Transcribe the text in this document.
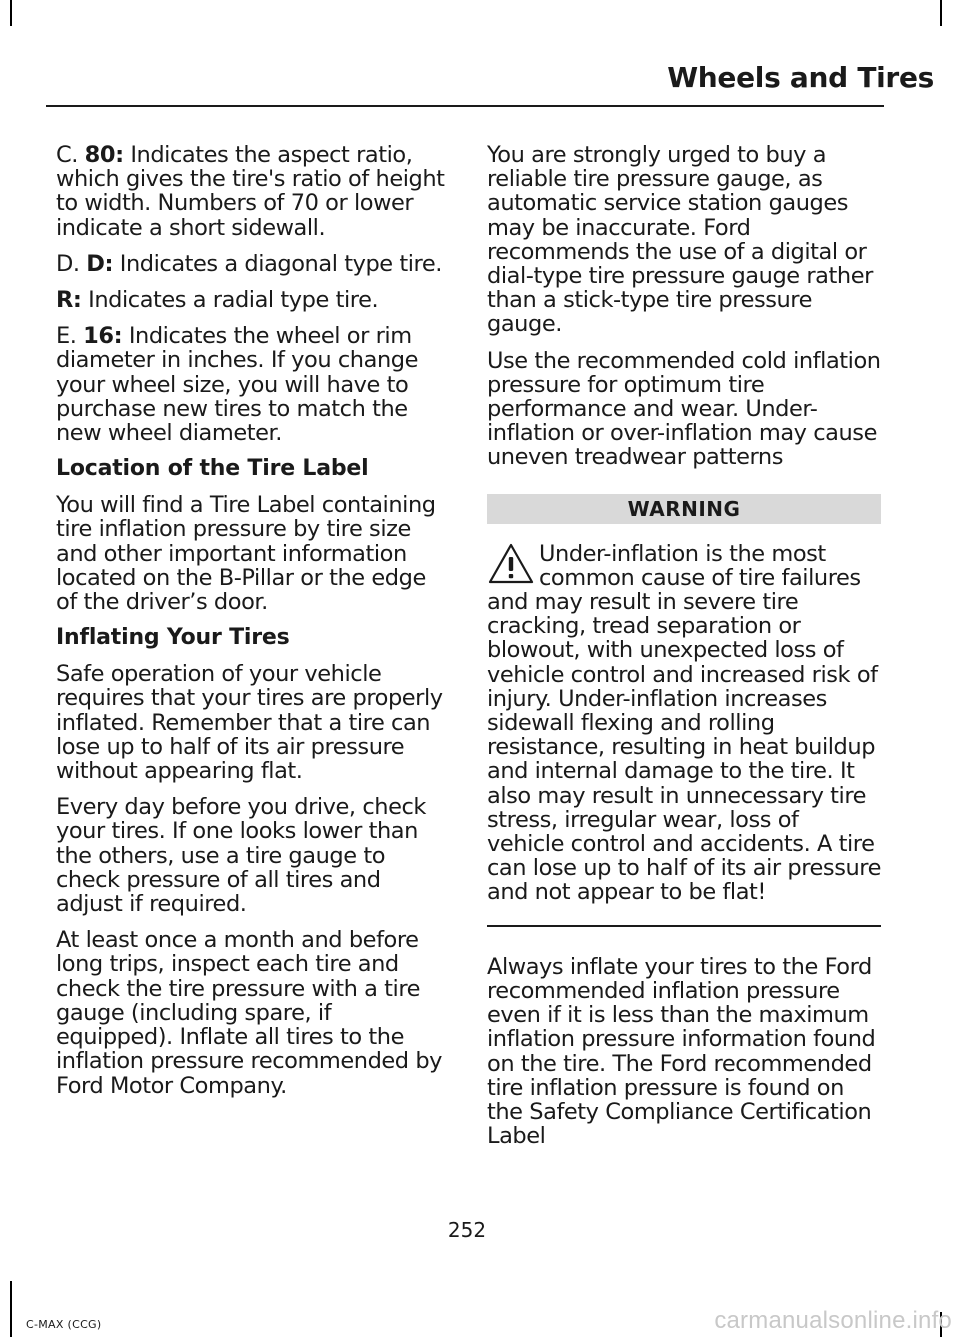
Wheels and Tires

C. 80: Indicates the aspect ratio, which gives the tire's ratio of height to width. Numbers of 70 or lower indicate a short sidewall.

D. D: Indicates a diagonal type tire.

R: Indicates a radial type tire.

E. 16: Indicates the wheel or rim diameter in inches. If you change your wheel size, you will have to purchase new tires to match the new wheel diameter.

Location of the Tire Label

You will find a Tire Label containing tire inflation pressure by tire size and other important information located on the B-Pillar or the edge of the driver’s door.

Inflating Your Tires

Safe operation of your vehicle requires that your tires are properly inflated. Remember that a tire can lose up to half of its air pressure without appearing flat.

Every day before you drive, check your tires. If one looks lower than the others, use a tire gauge to check pressure of all tires and adjust if required.

At least once a month and before long trips, inspect each tire and check the tire pressure with a tire gauge (including spare, if equipped). Inflate all tires to the inflation pressure recommended by Ford Motor Company.

You are strongly urged to buy a reliable tire pressure gauge, as automatic service station gauges may be inaccurate. Ford recommends the use of a digital or dial-type tire pressure gauge rather than a stick-type tire pressure gauge.

Use the recommended cold inflation pressure for optimum tire performance and wear. Under-inflation or over-inflation may cause uneven treadwear patterns

WARNING

Under-inflation is the most common cause of tire failures and may result in severe tire cracking, tread separation or blowout, with unexpected loss of vehicle control and increased risk of injury. Under-inflation increases sidewall flexing and rolling resistance, resulting in heat buildup and internal damage to the tire. It also may result in unnecessary tire stress, irregular wear, loss of vehicle control and accidents. A tire can lose up to half of its air pressure and not appear to be flat!

Always inflate your tires to the Ford recommended inflation pressure even if it is less than the maximum inflation pressure information found on the tire. The Ford recommended tire inflation pressure is found on the Safety Compliance Certification Label

252
C-MAX (CCG)	carmanualsonline.info
